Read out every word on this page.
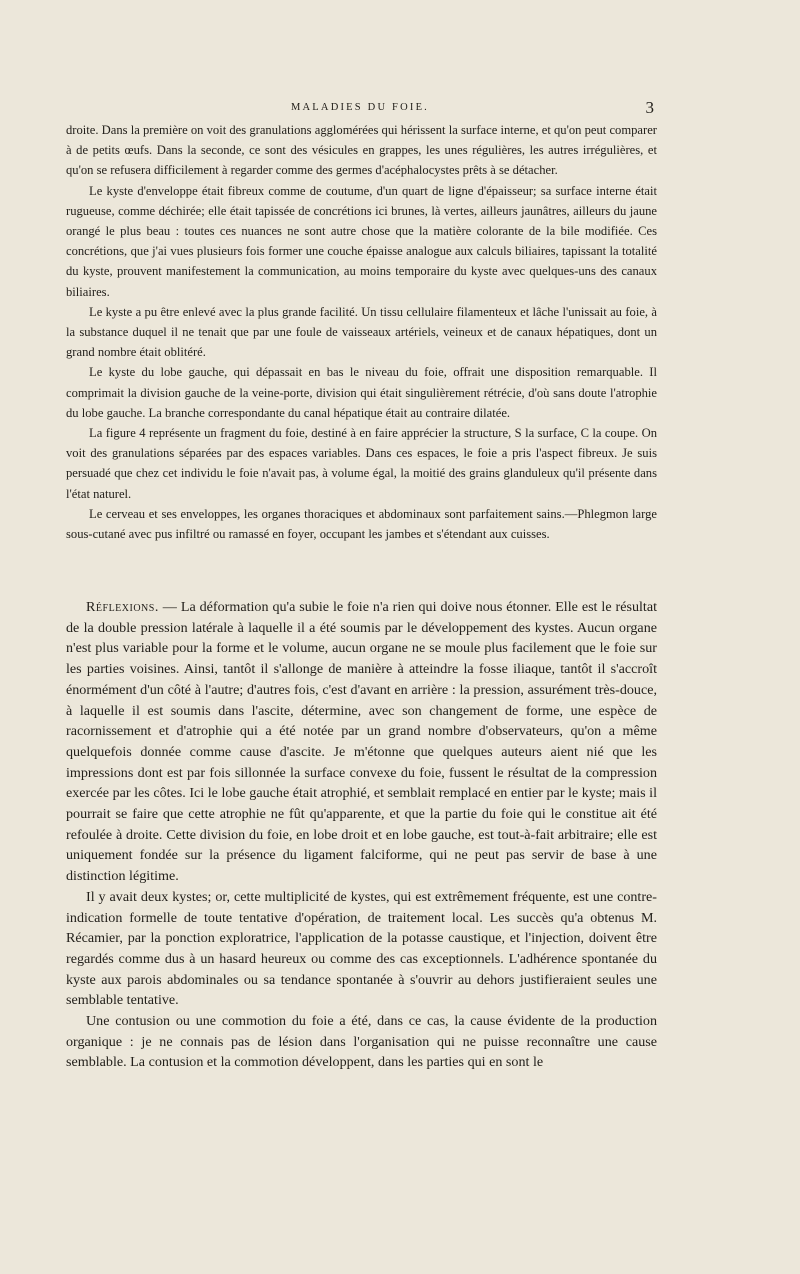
MALADIES DU FOIE.	3

droite. Dans la première on voit des granulations agglomérées qui hérissent la surface interne, et qu'on peut comparer à de petits œufs. Dans la seconde, ce sont des vésicules en grappes, les unes régulières, les autres irrégulières, et qu'on se refusera difficilement à regarder comme des germes d'acéphalocystes prêts à se détacher.

Le kyste d'enveloppe était fibreux comme de coutume, d'un quart de ligne d'épaisseur; sa surface interne était rugueuse, comme déchirée; elle était tapissée de concrétions ici brunes, là vertes, ailleurs jaunâtres, ailleurs du jaune orangé le plus beau : toutes ces nuances ne sont autre chose que la matière colorante de la bile modifiée. Ces concrétions, que j'ai vues plusieurs fois former une couche épaisse analogue aux calculs biliaires, tapissant la totalité du kyste, prouvent manifestement la communication, au moins temporaire du kyste avec quelques-uns des canaux biliaires.

Le kyste a pu être enlevé avec la plus grande facilité. Un tissu cellulaire filamenteux et lâche l'unissait au foie, à la substance duquel il ne tenait que par une foule de vaisseaux artériels, veineux et de canaux hépatiques, dont un grand nombre était oblitéré.

Le kyste du lobe gauche, qui dépassait en bas le niveau du foie, offrait une disposition remarquable. Il comprimait la division gauche de la veine-porte, division qui était singulièrement rétrécie, d'où sans doute l'atrophie du lobe gauche. La branche correspondante du canal hépatique était au contraire dilatée.

La figure 4 représente un fragment du foie, destiné à en faire apprécier la structure, S la surface, C la coupe. On voit des granulations séparées par des espaces variables. Dans ces espaces, le foie a pris l'aspect fibreux. Je suis persuadé que chez cet individu le foie n'avait pas, à volume égal, la moitié des grains glanduleux qu'il présente dans l'état naturel.

Le cerveau et ses enveloppes, les organes thoraciques et abdominaux sont parfaitement sains.—Phlegmon large sous-cutané avec pus infiltré ou ramassé en foyer, occupant les jambes et s'étendant aux cuisses.

Réflexions. — La déformation qu'a subie le foie n'a rien qui doive nous étonner. Elle est le résultat de la double pression latérale à laquelle il a été soumis par le développement des kystes. Aucun organe n'est plus variable pour la forme et le volume, aucun organe ne se moule plus facilement que le foie sur les parties voisines. Ainsi, tantôt il s'allonge de manière à atteindre la fosse iliaque, tantôt il s'accroît énormément d'un côté à l'autre; d'autres fois, c'est d'avant en arrière : la pression, assurément très-douce, à laquelle il est soumis dans l'ascite, détermine, avec son changement de forme, une espèce de racornissement et d'atrophie qui a été notée par un grand nombre d'observateurs, qu'on a même quelquefois donnée comme cause d'ascite. Je m'étonne que quelques auteurs aient nié que les impressions dont est par fois sillonnée la surface convexe du foie, fussent le résultat de la compression exercée par les côtes. Ici le lobe gauche était atrophié, et semblait remplacé en entier par le kyste; mais il pourrait se faire que cette atrophie ne fût qu'apparente, et que la partie du foie qui le constitue ait été refoulée à droite. Cette division du foie, en lobe droit et en lobe gauche, est tout-à-fait arbitraire; elle est uniquement fondée sur la présence du ligament falciforme, qui ne peut pas servir de base à une distinction légitime.

Il y avait deux kystes; or, cette multiplicité de kystes, qui est extrêmement fréquente, est une contre-indication formelle de toute tentative d'opération, de traitement local. Les succès qu'a obtenus M. Récamier, par la ponction exploratrice, l'application de la potasse caustique, et l'injection, doivent être regardés comme dus à un hasard heureux ou comme des cas exceptionnels. L'adhérence spontanée du kyste aux parois abdominales ou sa tendance spontanée à s'ouvrir au dehors justifieraient seules une semblable tentative.

Une contusion ou une commotion du foie a été, dans ce cas, la cause évidente de la production organique : je ne connais pas de lésion dans l'organisation qui ne puisse reconnaître une cause semblable. La contusion et la commotion développent, dans les parties qui en sont le
